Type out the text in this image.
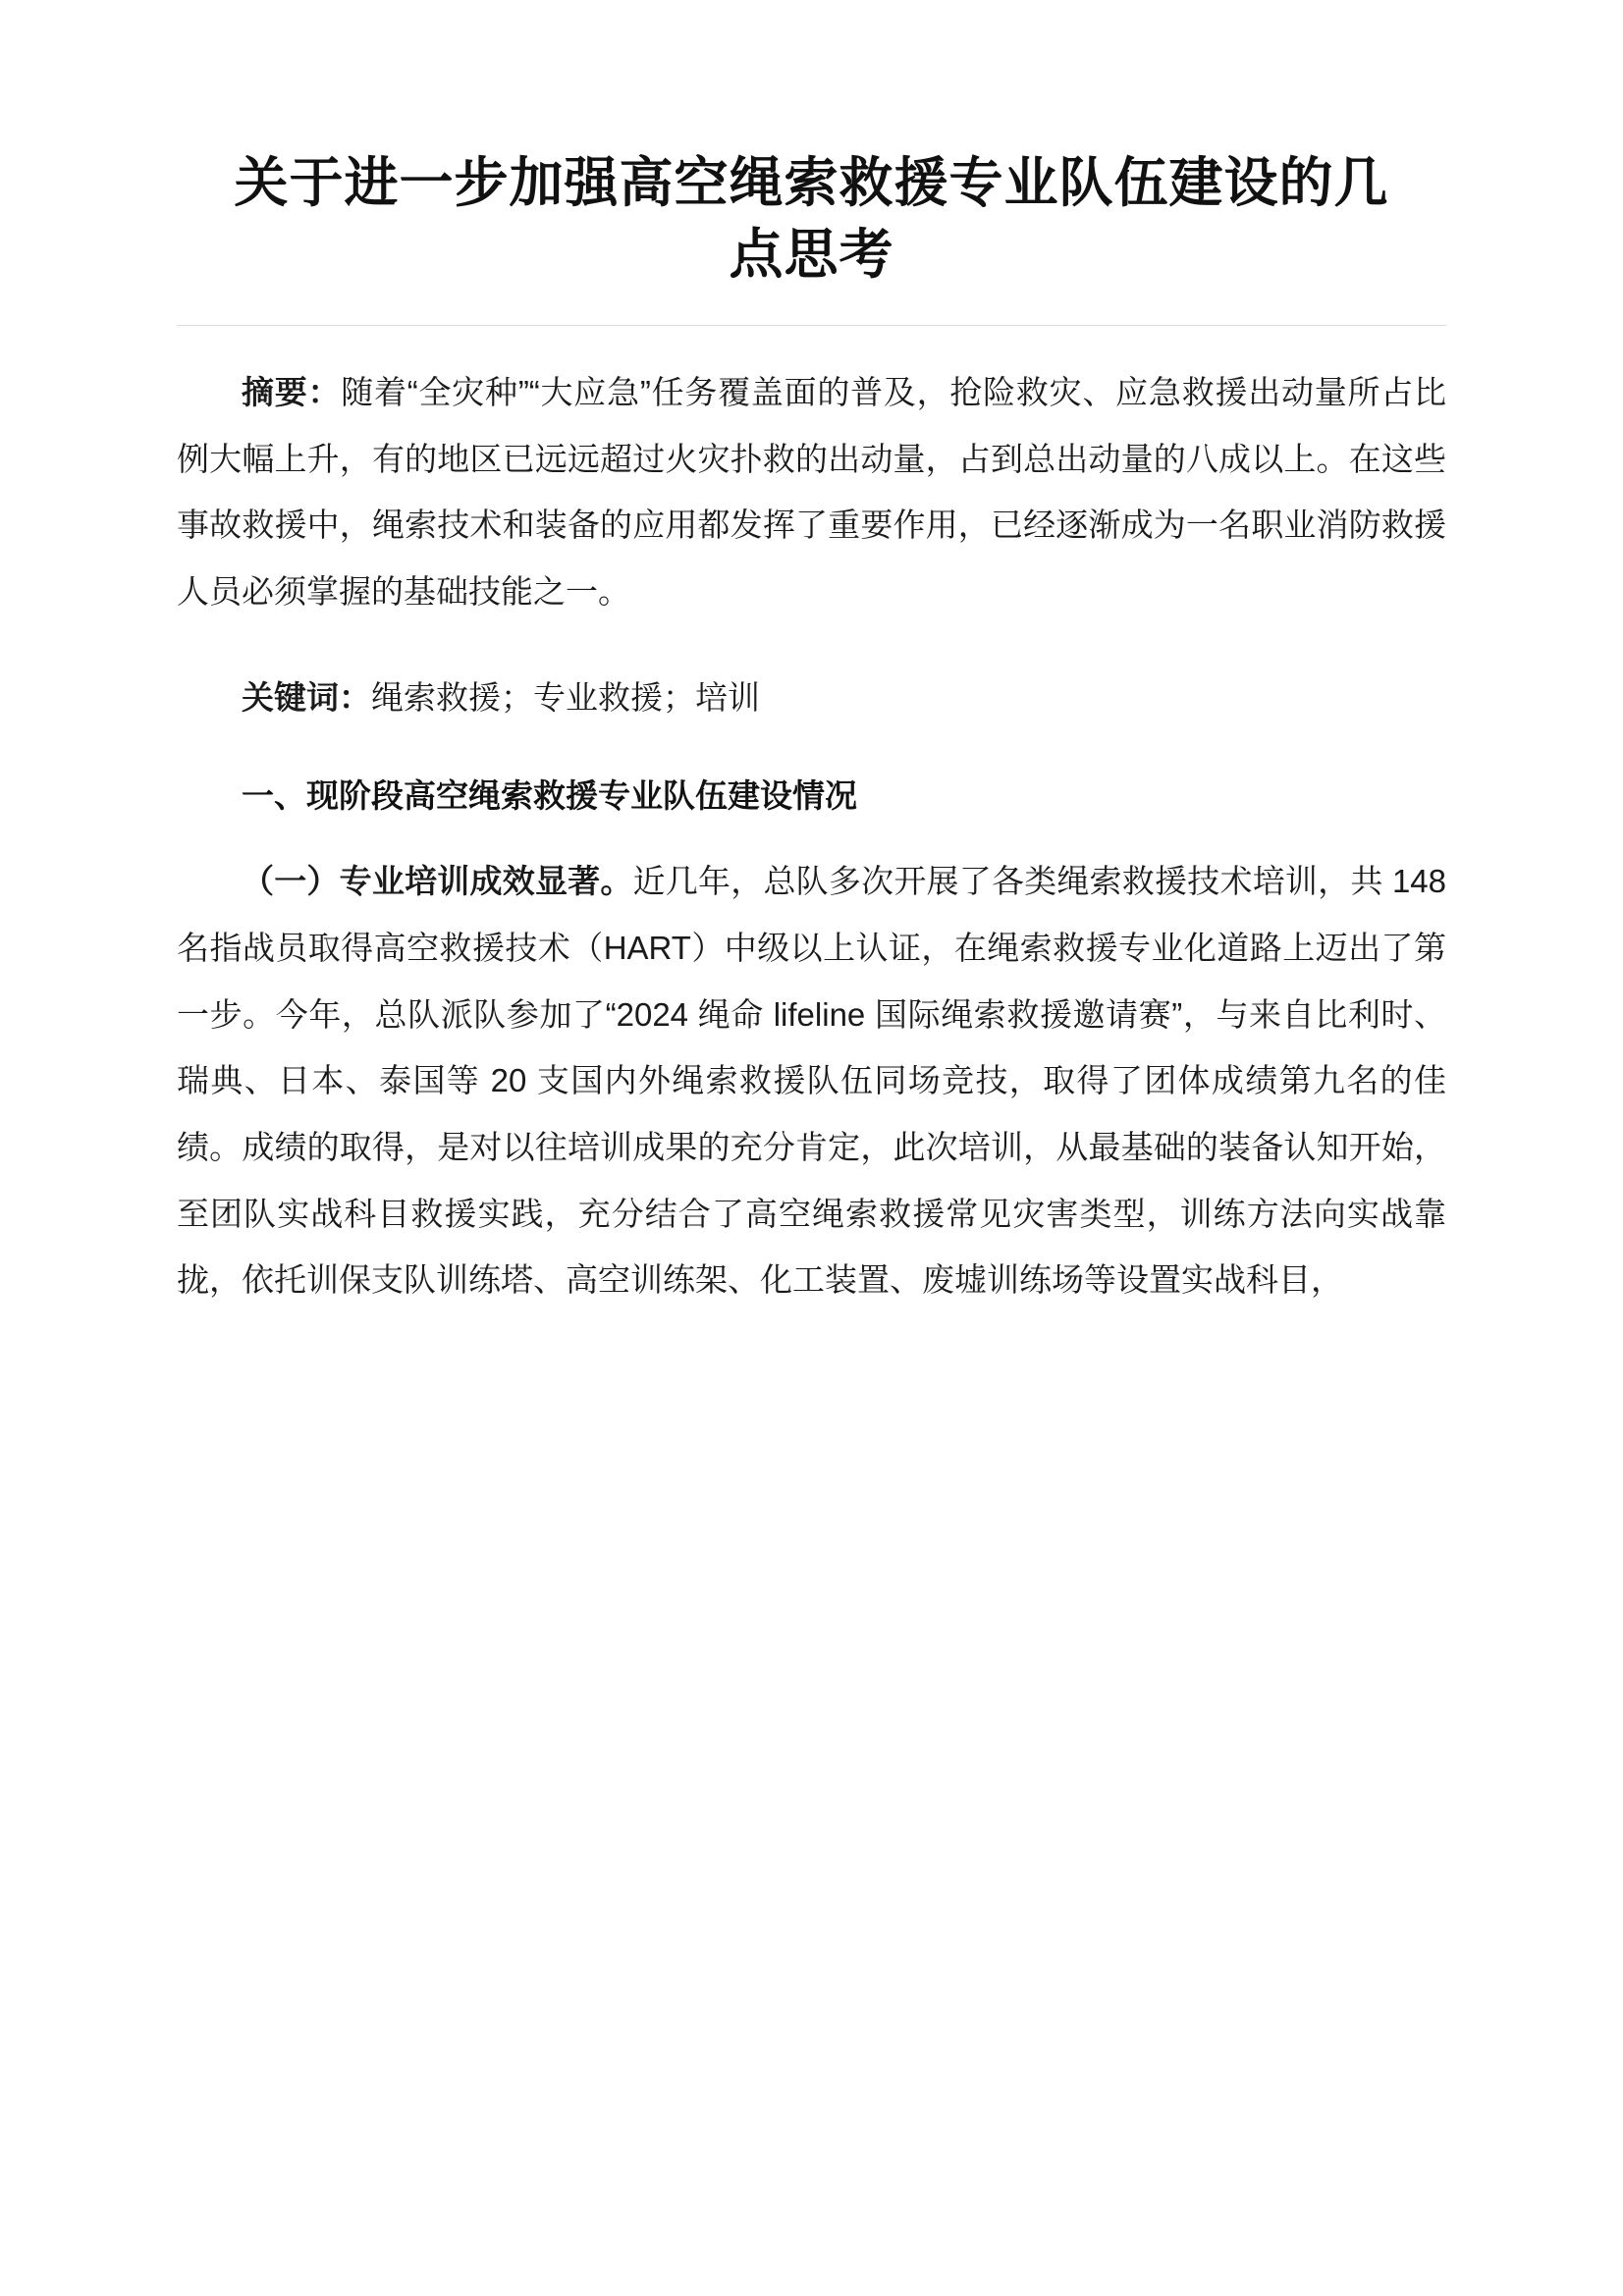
关于进一步加强高空绳索救援专业队伍建设的几点思考

摘要：随着“全灾种”“大应急”任务覆盖面的普及，抢险救灾、应急救援出动量所占比例大幅上升，有的地区已远远超过火灾扑救的出动量，占到总出动量的八成以上。在这些事故救援中，绳索技术和装备的应用都发挥了重要作用，已经逐渐成为一名职业消防救援人员必须掌握的基础技能之一。

关键词：绳索救援；专业救援；培训

一、现阶段高空绳索救援专业队伍建设情况

（一）专业培训成效显著。近几年，总队多次开展了各类绳索救援技术培训，共 148 名指战员取得高空救援技术（HART）中级以上认证，在绳索救援专业化道路上迈出了第一步。今年，总队派队参加了“2024 绳命 lifeline 国际绳索救援邀请赛”，与来自比利时、瑞典、日本、泰国等 20 支国内外绳索救援队伍同场竞技，取得了团体成绩第九名的佳绩。成绩的取得，是对以往培训成果的充分肯定，此次培训，从最基础的装备认知开始，至团队实战科目救援实践，充分结合了高空绳索救援常见灾害类型，训练方法向实战靠拢，依托训保支队训练塔、高空训练架、化工装置、废墟训练场等设置实战科目，
